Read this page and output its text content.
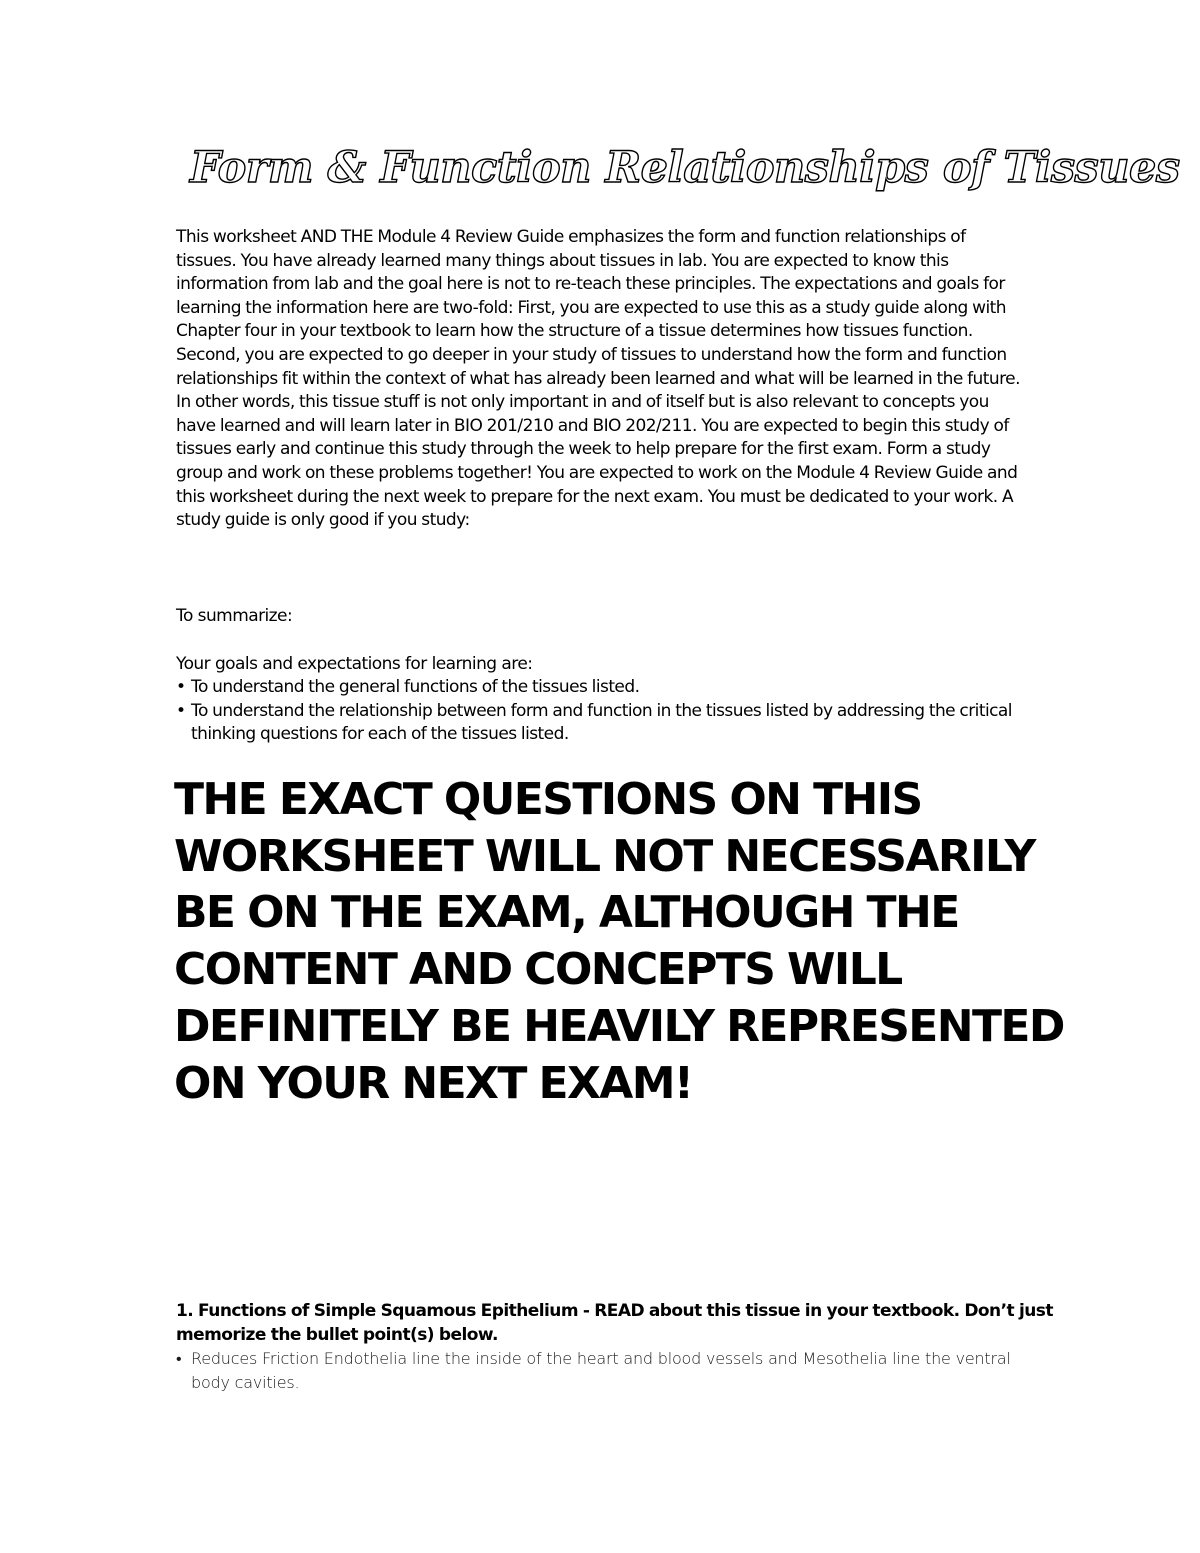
Form & Function Relationships of Tissues

This worksheet AND THE Module 4 Review Guide emphasizes the form and function relationships of tissues. You have already learned many things about tissues in lab. You are expected to know this information from lab and the goal here is not to re-teach these principles. The expectations and goals for learning the information here are two-fold: First, you are expected to use this as a study guide along with Chapter four in your textbook to learn how the structure of a tissue determines how tissues function. Second, you are expected to go deeper in your study of tissues to understand how the form and function relationships fit within the context of what has already been learned and what will be learned in the future. In other words, this tissue stuff is not only important in and of itself but is also relevant to concepts you have learned and will learn later in BIO 201/210 and BIO 202/211. You are expected to begin this study of tissues early and continue this study through the week to help prepare for the first exam. Form a study group and work on these problems together! You are expected to work on the Module 4 Review Guide and this worksheet during the next week to prepare for the next exam. You must be dedicated to your work. A study guide is only good if you study:

To summarize:

Your goals and expectations for learning are:

• To understand the general functions of the tissues listed.
• To understand the relationship between form and function in the tissues listed by addressing the critical thinking questions for each of the tissues listed.

THE EXACT QUESTIONS ON THIS WORKSHEET WILL NOT NECESSARILY BE ON THE EXAM, ALTHOUGH THE CONTENT AND CONCEPTS WILL DEFINITELY BE HEAVILY REPRESENTED ON YOUR NEXT EXAM!

1. Functions of Simple Squamous Epithelium - READ about this tissue in your textbook. Don’t just memorize the bullet point(s) below.

• Reduces Friction Endothelia line the inside of the heart and blood vessels and Mesothelia line the ventral body cavities.
